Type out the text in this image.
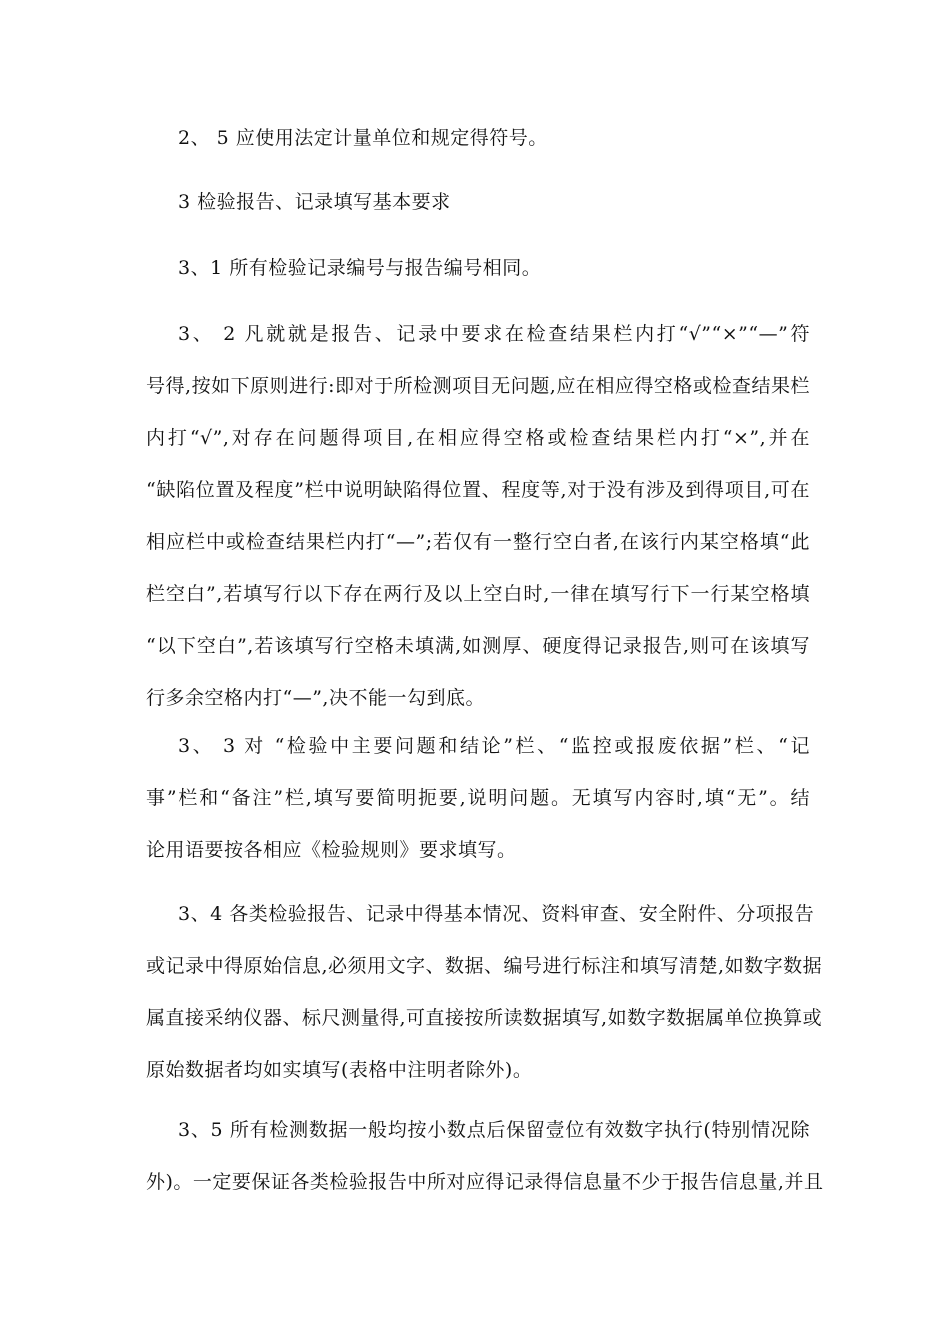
2、 5 应使用法定计量单位和规定得符号。

3 检验报告、记录填写基本要求

3、1 所有检验记录编号与报告编号相同。

3、 2 凡就就是报告、记录中要求在检查结果栏内打“√”“×”“—”符
号得,按如下原则进行:即对于所检测项目无问题,应在相应得空格或检查结果栏
内打“√”,对存在问题得项目,在相应得空格或检查结果栏内打“×”,并在
“缺陷位置及程度”栏中说明缺陷得位置、程度等,对于没有涉及到得项目,可在
相应栏中或检查结果栏内打“—”;若仅有一整行空白者,在该行内某空格填“此
栏空白”,若填写行以下存在两行及以上空白时,一律在填写行下一行某空格填
“以下空白”,若该填写行空格未填满,如测厚、硬度得记录报告,则可在该填写
行多余空格内打“—”,决不能一勾到底。
3、 3 对 “检验中主要问题和结论”栏、“监控或报废依据”栏、“记
事”栏和“备注”栏,填写要简明扼要,说明问题。无填写内容时,填“无”。结
论用语要按各相应《检验规则》要求填写。
3、4 各类检验报告、记录中得基本情况、资料审查、安全附件、分项报告
或记录中得原始信息,必须用文字、数据、编号进行标注和填写清楚,如数字数据
属直接采纳仪器、标尺测量得,可直接按所读数据填写,如数字数据属单位换算或
原始数据者均如实填写(表格中注明者除外)。
3、5 所有检测数据一般均按小数点后保留壹位有效数字执行(特别情况除
外)。一定要保证各类检验报告中所对应得记录得信息量不少于报告信息量,并且
